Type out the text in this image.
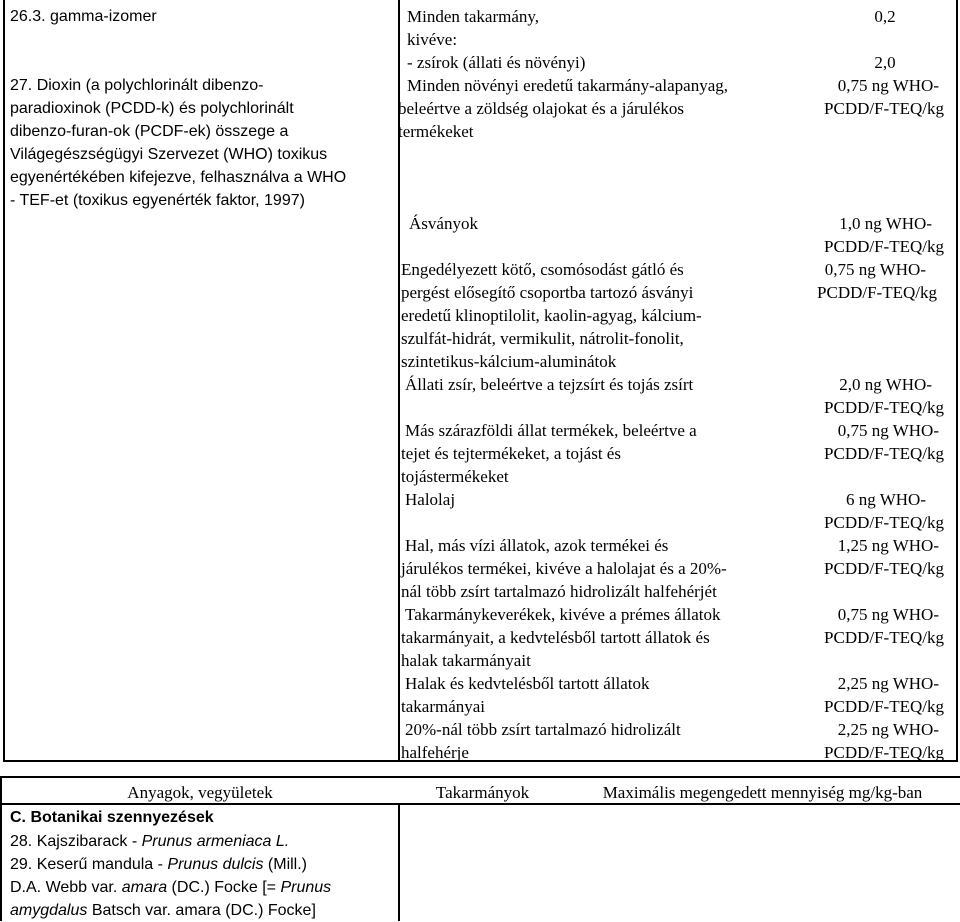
26.3. gamma-izomer
27. Dioxin (a polychlorinált dibenzo-
paradioxinok (PCDD-k) és polychlorinált
dibenzo-furan-ok (PCDF-ek) összege a
Világegészségügyi Szervezet (WHO) toxikus
egyenértékében kifejezve, felhasználva a WHO
- TEF-et (toxikus egyenérték faktor, 1997)
Minden takarmány,
kivéve:
- zsírok (állati és növényi)
Minden növényi eredetű takarmány-alapanyag,
beleértve a zöldség olajokat és a járulékos
termékeket
Ásványok
Engedélyezett kötő, csomósodást gátló és
pergést elősegítő csoportba tartozó ásványi
eredetű klinoptilolit, kaolin-agyag, kálcium-
szulfát-hidrát, vermikulit, nátrolit-fonolit,
szintetikus-kálcium-aluminátok
Állati zsír, beleértve a tejzsírt és tojás zsírt
Más szárazföldi állat termékek, beleértve a
tejet és tejtermékeket, a tojást és
tojástermékeket
Halolaj
Hal, más vízi állatok, azok termékei és
járulékos termékei, kivéve a halolajat és a 20%-
nál több zsírt tartalmazó hidrolizált halfehérjét
Takarmánykeverékek, kivéve a prémes állatok
takarmányait, a kedvtelésből tartott állatok és
halak takarmányait
Halak és kedvtelésből tartott állatok
takarmányai
20%-nál több zsírt tartalmazó hidrolizált
halfehérje
0,2
2,0
0,75 ng WHO-
PCDD/F-TEQ/kg
1,0 ng WHO-
PCDD/F-TEQ/kg
0,75 ng WHO-
PCDD/F-TEQ/kg
2,0 ng WHO-
PCDD/F-TEQ/kg
0,75 ng WHO-
PCDD/F-TEQ/kg
6 ng WHO-
PCDD/F-TEQ/kg
1,25 ng WHO-
PCDD/F-TEQ/kg
0,75 ng WHO-
PCDD/F-TEQ/kg
2,25 ng WHO-
PCDD/F-TEQ/kg
2,25 ng WHO-
PCDD/F-TEQ/kg
Anyagok, vegyületek	Takarmányok	Maximális megengedett mennyiség mg/kg-ban
C. Botanikai szennyezések
28. Kajszibarack - Prunus armeniaca L.
29. Keserű mandula - Prunus dulcis (Mill.)
D.A. Webb var. amara (DC.) Focke [= Prunus
amygdalus Batsch var. amara (DC.) Focke]
